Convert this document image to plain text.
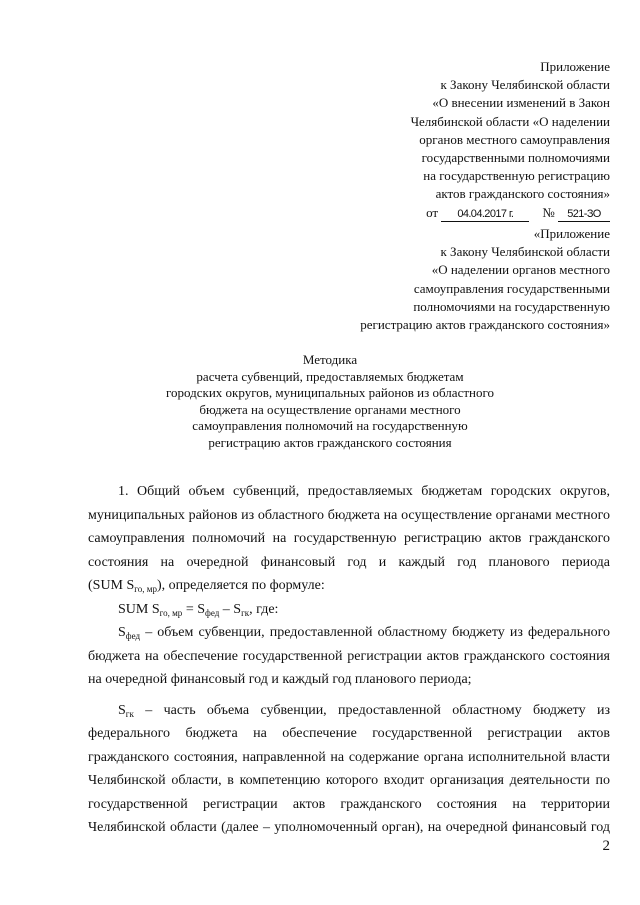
Приложение
к Закону Челябинской области
«О внесении изменений в Закон
Челябинской области «О наделении
органов местного самоуправления
государственными полномочиями
на государственную регистрацию
актов гражданского состояния»
от 04.04.2017 г. № 521-ЗО
«Приложение
к Закону Челябинской области
«О наделении органов местного
самоуправления государственными
полномочиями на государственную
регистрацию актов гражданского состояния»
Методика
расчета субвенций, предоставляемых бюджетам
городских округов, муниципальных районов из областного
бюджета на осуществление органами местного
самоуправления полномочий на государственную
регистрацию актов гражданского состояния

1. Общий объем субвенций, предоставляемых бюджетам городских округов,
муниципальных районов из областного бюджета на осуществление органами местного
самоуправления полномочий на государственную регистрацию актов гражданского
состояния на очередной финансовый год и каждый год планового периода
(SUM $S_{го, мр}$), определяется по формуле:

SUM $S_{го, мр} = S_{фед} - S_{гк}$, где:

$S_{фед}$ – объем субвенции, предоставленной областному бюджету из федерального
бюджета на обеспечение государственной регистрации актов гражданского состояния
на очередной финансовый год и каждый год планового периода;

$S_{гк}$ – часть объема субвенции, предоставленной областному бюджету из
федерального бюджета на обеспечение государственной регистрации актов
гражданского состояния, направленной на содержание органа исполнительной власти
Челябинской области, в компетенцию которого входит организация деятельности по
государственной регистрации актов гражданского состояния на территории
Челябинской области (далее – уполномоченный орган), на очередной финансовый год

2
